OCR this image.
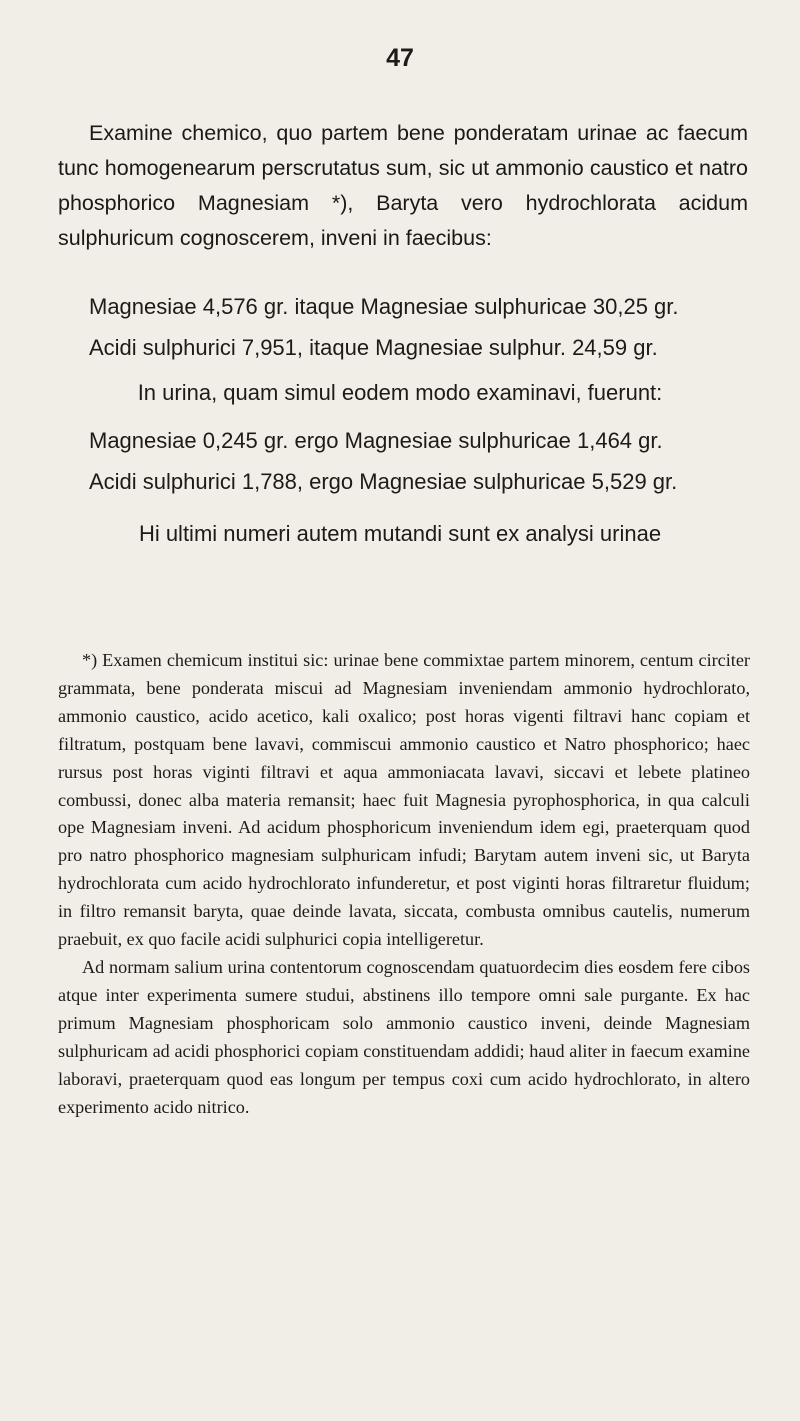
47
Examine chemico, quo partem bene ponderatam urinae ac faecum tunc homogenearum perscrutatus sum, sic ut ammonio caustico et natro phosphorico Magnesiam *), Baryta vero hydrochlorata acidum sulphuricum cognoscerem, inveni in faecibus:
Magnesiae 4,576 gr. itaque Magnesiae sulphuricae 30,25 gr.
Acidi sulphurici 7,951, itaque Magnesiae sulphur. 24,59 gr.
In urina, quam simul eodem modo examinavi, fuerunt:
Magnesiae 0,245 gr. ergo Magnesiae sulphuricae 1,464 gr.
Acidi sulphurici 1,788, ergo Magnesiae sulphuricae 5,529 gr.
Hi ultimi numeri autem mutandi sunt ex analysi urinae

*) Examen chemicum institui sic: urinae bene commixtae partem minorem, centum circiter grammata, bene ponderata miscui ad Magnesiam inveniendam ammonio hydrochlorato, ammonio caustico, acido acetico, kali oxalico; post horas vigenti filtravi hanc copiam et filtratum, postquam bene lavavi, commiscui ammonio caustico et Natro phosphorico; haec rursus post horas viginti filtravi et aqua ammoniacata lavavi, siccavi et lebete platineo combussi, donec alba materia remansit; haec fuit Magnesia pyrophosphorica, in qua calculi ope Magnesiam inveni. Ad acidum phosphoricum inveniendum idem egi, praeterquam quod pro natro phosphorico magnesiam sulphuricam infudi; Barytam autem inveni sic, ut Baryta hydrochlorata cum acido hydrochlorato infunderetur, et post viginti horas filtraretur fluidum; in filtro remansit baryta, quae deinde lavata, siccata, combusta omnibus cautelis, numerum praebuit, ex quo facile acidi sulphurici copia intelligeretur.

Ad normam salium urina contentorum cognoscendam quatuordecim dies eosdem fere cibos atque inter experimenta sumere studui, abstinens illo tempore omni sale purgante. Ex hac primum Magnesiam phosphoricam solo ammonio caustico inveni, deinde Magnesiam sulphuricam ad acidi phosphorici copiam constituendam addidi; haud aliter in faecum examine laboravi, praeterquam quod eas longum per tempus coxi cum acido hydrochlorato, in altero experimento acido nitrico.
